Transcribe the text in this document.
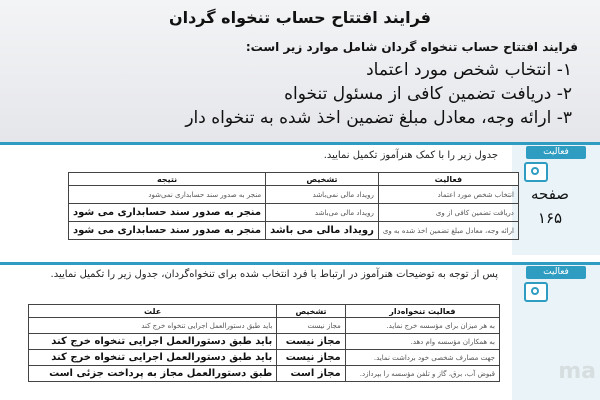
فرایند افتتاح حساب تنخواه گردان
فرایند افتتاح حساب تنخواه گردان شامل موارد زیر است:
۱- انتخاب شخص مورد اعتماد
۲- دریافت تضمین کافی از مسئول تنخواه
۳- ارائه وجه، معادل مبلغ تضمین اخذ شده به تنخواه دار
فعالیت
صفحه
۱۶۵
جدول زیر را با کمک هنرآموز تکمیل نمایید.
فعالیت	تشخیص	نتیجه
انتخاب شخص مورد اعتماد	رویداد مالی نمی‌باشد	منجر به صدور سند حسابداری نمی‌شود
دریافت تضمین کافی از وی	رویداد مالی می‌باشد	منجر به صدور سند حسابداری می شود
ارائه وجه، معادل مبلغ تضمین اخذ شده به وی	رویداد مالی می باشد	منجر به صدور سند حسابداری می شود
فعالیت
پس از توجه به توضیحات هنرآموز در ارتباط با فرد انتخاب شده برای تنخواه‌گردان، جدول زیر را تکمیل نمایید.
فعالیت تنخواه‌دار	تشخیص	علت
به هر میزان برای مؤسسه خرج نماید.	مجاز نیست	باید طبق دستورالعمل اجرایی تنخواه خرج کند
به همکاران مؤسسه وام دهد.	مجاز نیست	باید طبق دستورالعمل اجرایی تنخواه خرج کند
جهت مصارف شخصی خود برداشت نماید.	مجاز نیست	باید طبق دستورالعمل اجرایی تنخواه خرج کند
قبوض آب، برق، گاز و تلفن مؤسسه را بپردازد.	مجاز است	طبق دستورالعمل مجاز به پرداخت جزئی است	ma
